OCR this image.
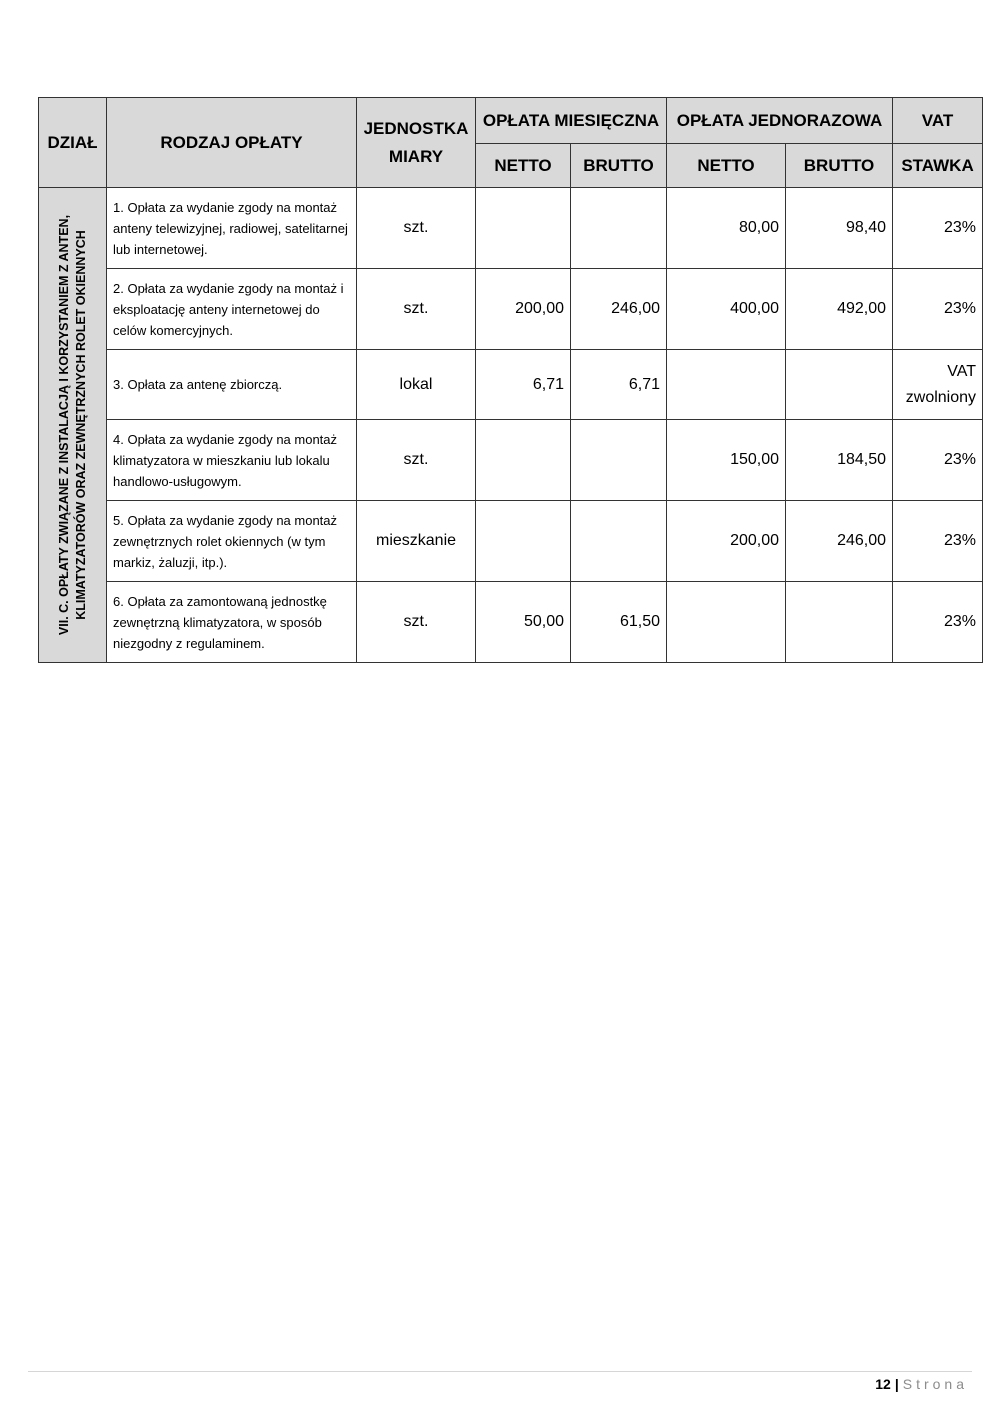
DZIAŁ	RODZAJ OPŁATY	JEDNOSTKA MIARY	OPŁATA MIESIĘCZNA		OPŁATA JEDNORAZOWA		VAT
			NETTO	BRUTTO	NETTO	BRUTTO	STAWKA

VII. C. OPŁATY ZWIĄZANE Z INSTALACJĄ I KORZYSTANIEM Z ANTEN, KLIMATYZATORÓW ORAZ ZEWNĘTRZNYCH ROLET OKIENNYCH	1. Opłata za wydanie zgody na montaż anteny telewizyjnej, radiowej, satelitarnej lub internetowej.	szt.			80,00	98,40	23%
	2. Opłata za wydanie zgody na montaż i eksploatację anteny internetowej do celów komercyjnych.	szt.	200,00	246,00	400,00	492,00	23%
	3. Opłata za antenę zbiorczą.	lokal	6,71	6,71			VAT zwolniony
	4. Opłata za wydanie zgody na montaż klimatyzatora w mieszkaniu lub lokalu handlowo-usługowym.	szt.			150,00	184,50	23%
	5. Opłata za wydanie zgody na montaż zewnętrznych rolet okiennych (w tym markiz, żaluzji, itp.).	mieszkanie			200,00	246,00	23%
	6. Opłata za zamontowaną jednostkę zewnętrzną klimatyzatora, w sposób niezgodny z regulaminem.	szt.	50,00	61,50			23%
12 | Strona
